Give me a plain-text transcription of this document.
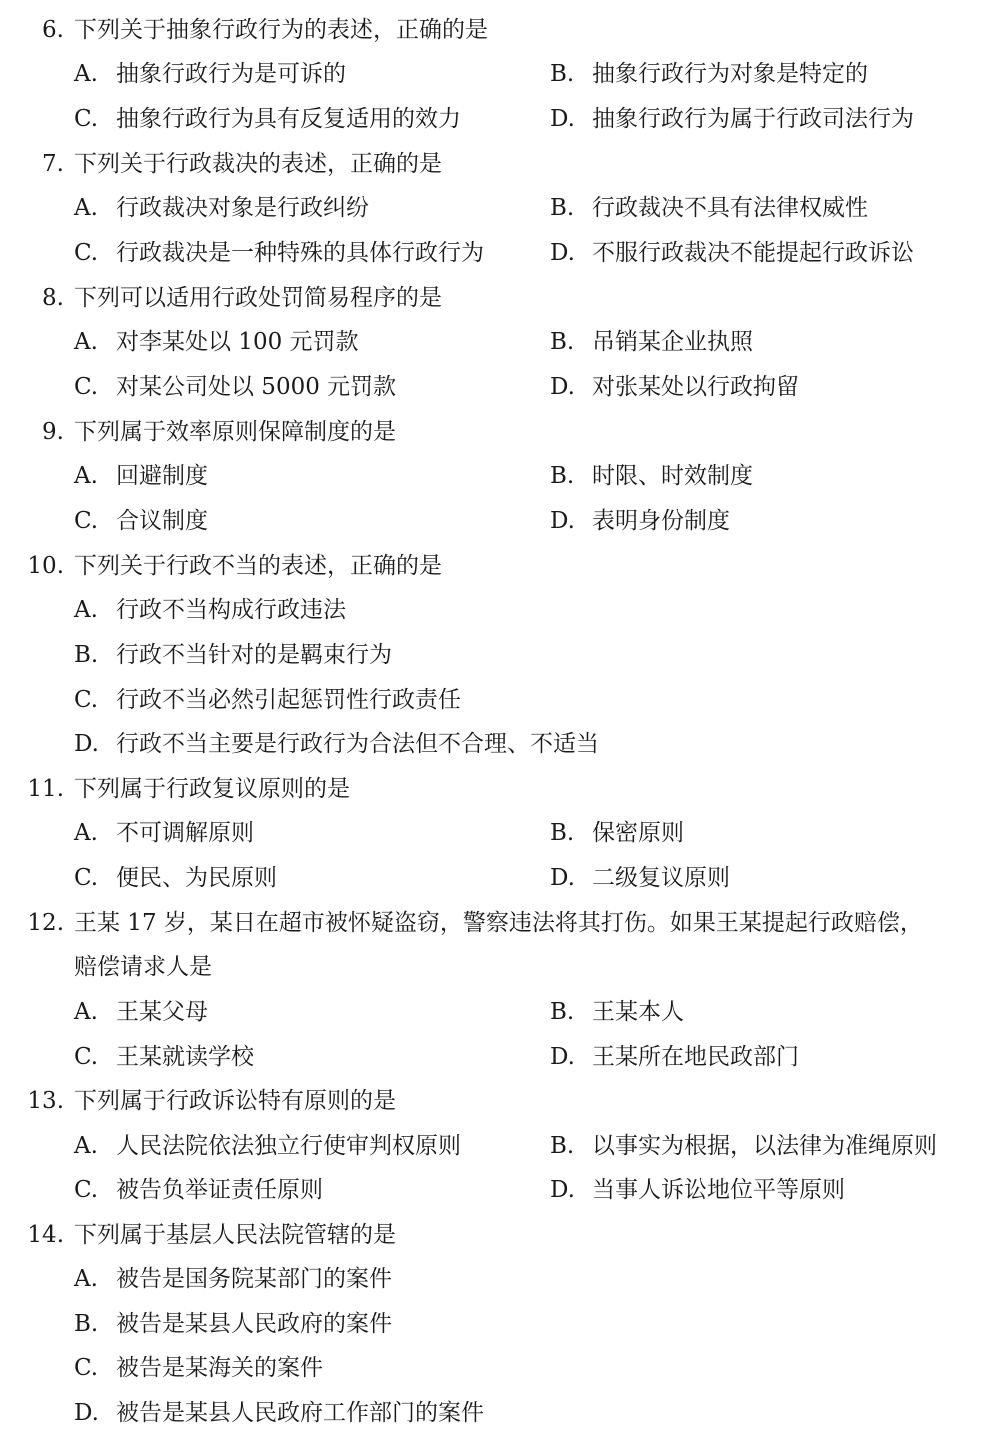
6. 下列关于抽象行政行为的表述，正确的是
A. 抽象行政行为是可诉的	B. 抽象行政行为对象是特定的
C. 抽象行政行为具有反复适用的效力	D. 抽象行政行为属于行政司法行为
7. 下列关于行政裁决的表述，正确的是
A. 行政裁决对象是行政纠纷	B. 行政裁决不具有法律权威性
C. 行政裁决是一种特殊的具体行政行为	D. 不服行政裁决不能提起行政诉讼
8. 下列可以适用行政处罚简易程序的是
A. 对李某处以 100 元罚款	B. 吊销某企业执照
C. 对某公司处以 5000 元罚款	D. 对张某处以行政拘留
9. 下列属于效率原则保障制度的是
A. 回避制度	B. 时限、时效制度
C. 合议制度	D. 表明身份制度
10. 下列关于行政不当的表述，正确的是
A. 行政不当构成行政违法
B. 行政不当针对的是羁束行为
C. 行政不当必然引起惩罚性行政责任
D. 行政不当主要是行政行为合法但不合理、不适当
11. 下列属于行政复议原则的是
A. 不可调解原则	B. 保密原则
C. 便民、为民原则	D. 二级复议原则
12. 王某 17 岁，某日在超市被怀疑盗窃，警察违法将其打伤。如果王某提起行政赔偿，
赔偿请求人是
A. 王某父母	B. 王某本人
C. 王某就读学校	D. 王某所在地民政部门
13. 下列属于行政诉讼特有原则的是
A. 人民法院依法独立行使审判权原则	B. 以事实为根据，以法律为准绳原则
C. 被告负举证责任原则	D. 当事人诉讼地位平等原则
14. 下列属于基层人民法院管辖的是
A. 被告是国务院某部门的案件
B. 被告是某县人民政府的案件
C. 被告是某海关的案件
D. 被告是某县人民政府工作部门的案件
